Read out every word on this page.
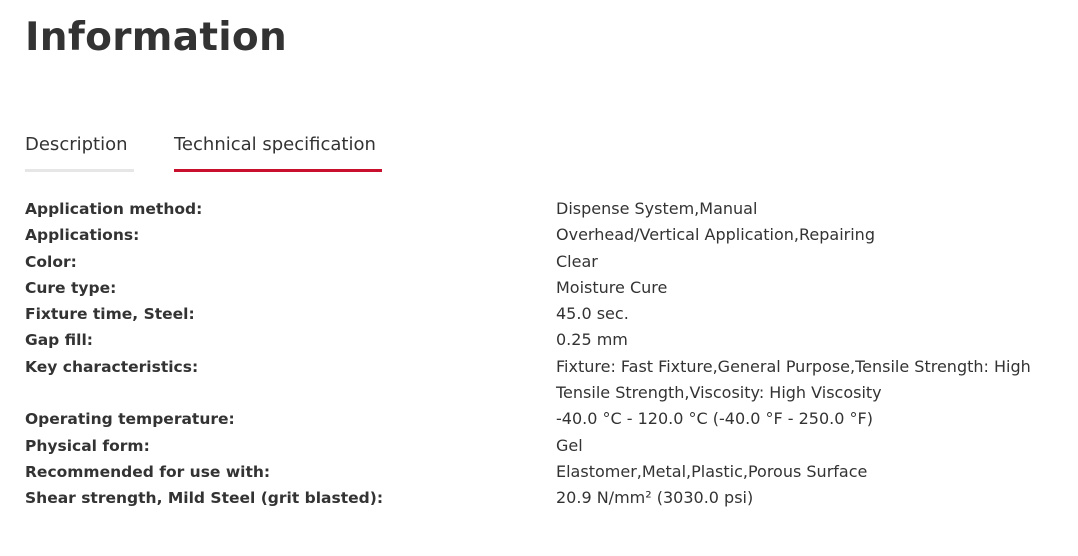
Information
Description	Technical specification
Application method:	Dispense System,Manual
Applications:	Overhead/Vertical Application,Repairing
Color:	Clear
Cure type:	Moisture Cure
Fixture time, Steel:	45.0 sec.
Gap fill:	0.25 mm
Key characteristics:	Fixture: Fast Fixture,General Purpose,Tensile Strength: High Tensile Strength,Viscosity: High Viscosity
Operating temperature:	-40.0 °C - 120.0 °C (-40.0 °F - 250.0 °F)
Physical form:	Gel
Recommended for use with:	Elastomer,Metal,Plastic,Porous Surface
Shear strength, Mild Steel (grit blasted):	20.9 N/mm² (3030.0 psi)
